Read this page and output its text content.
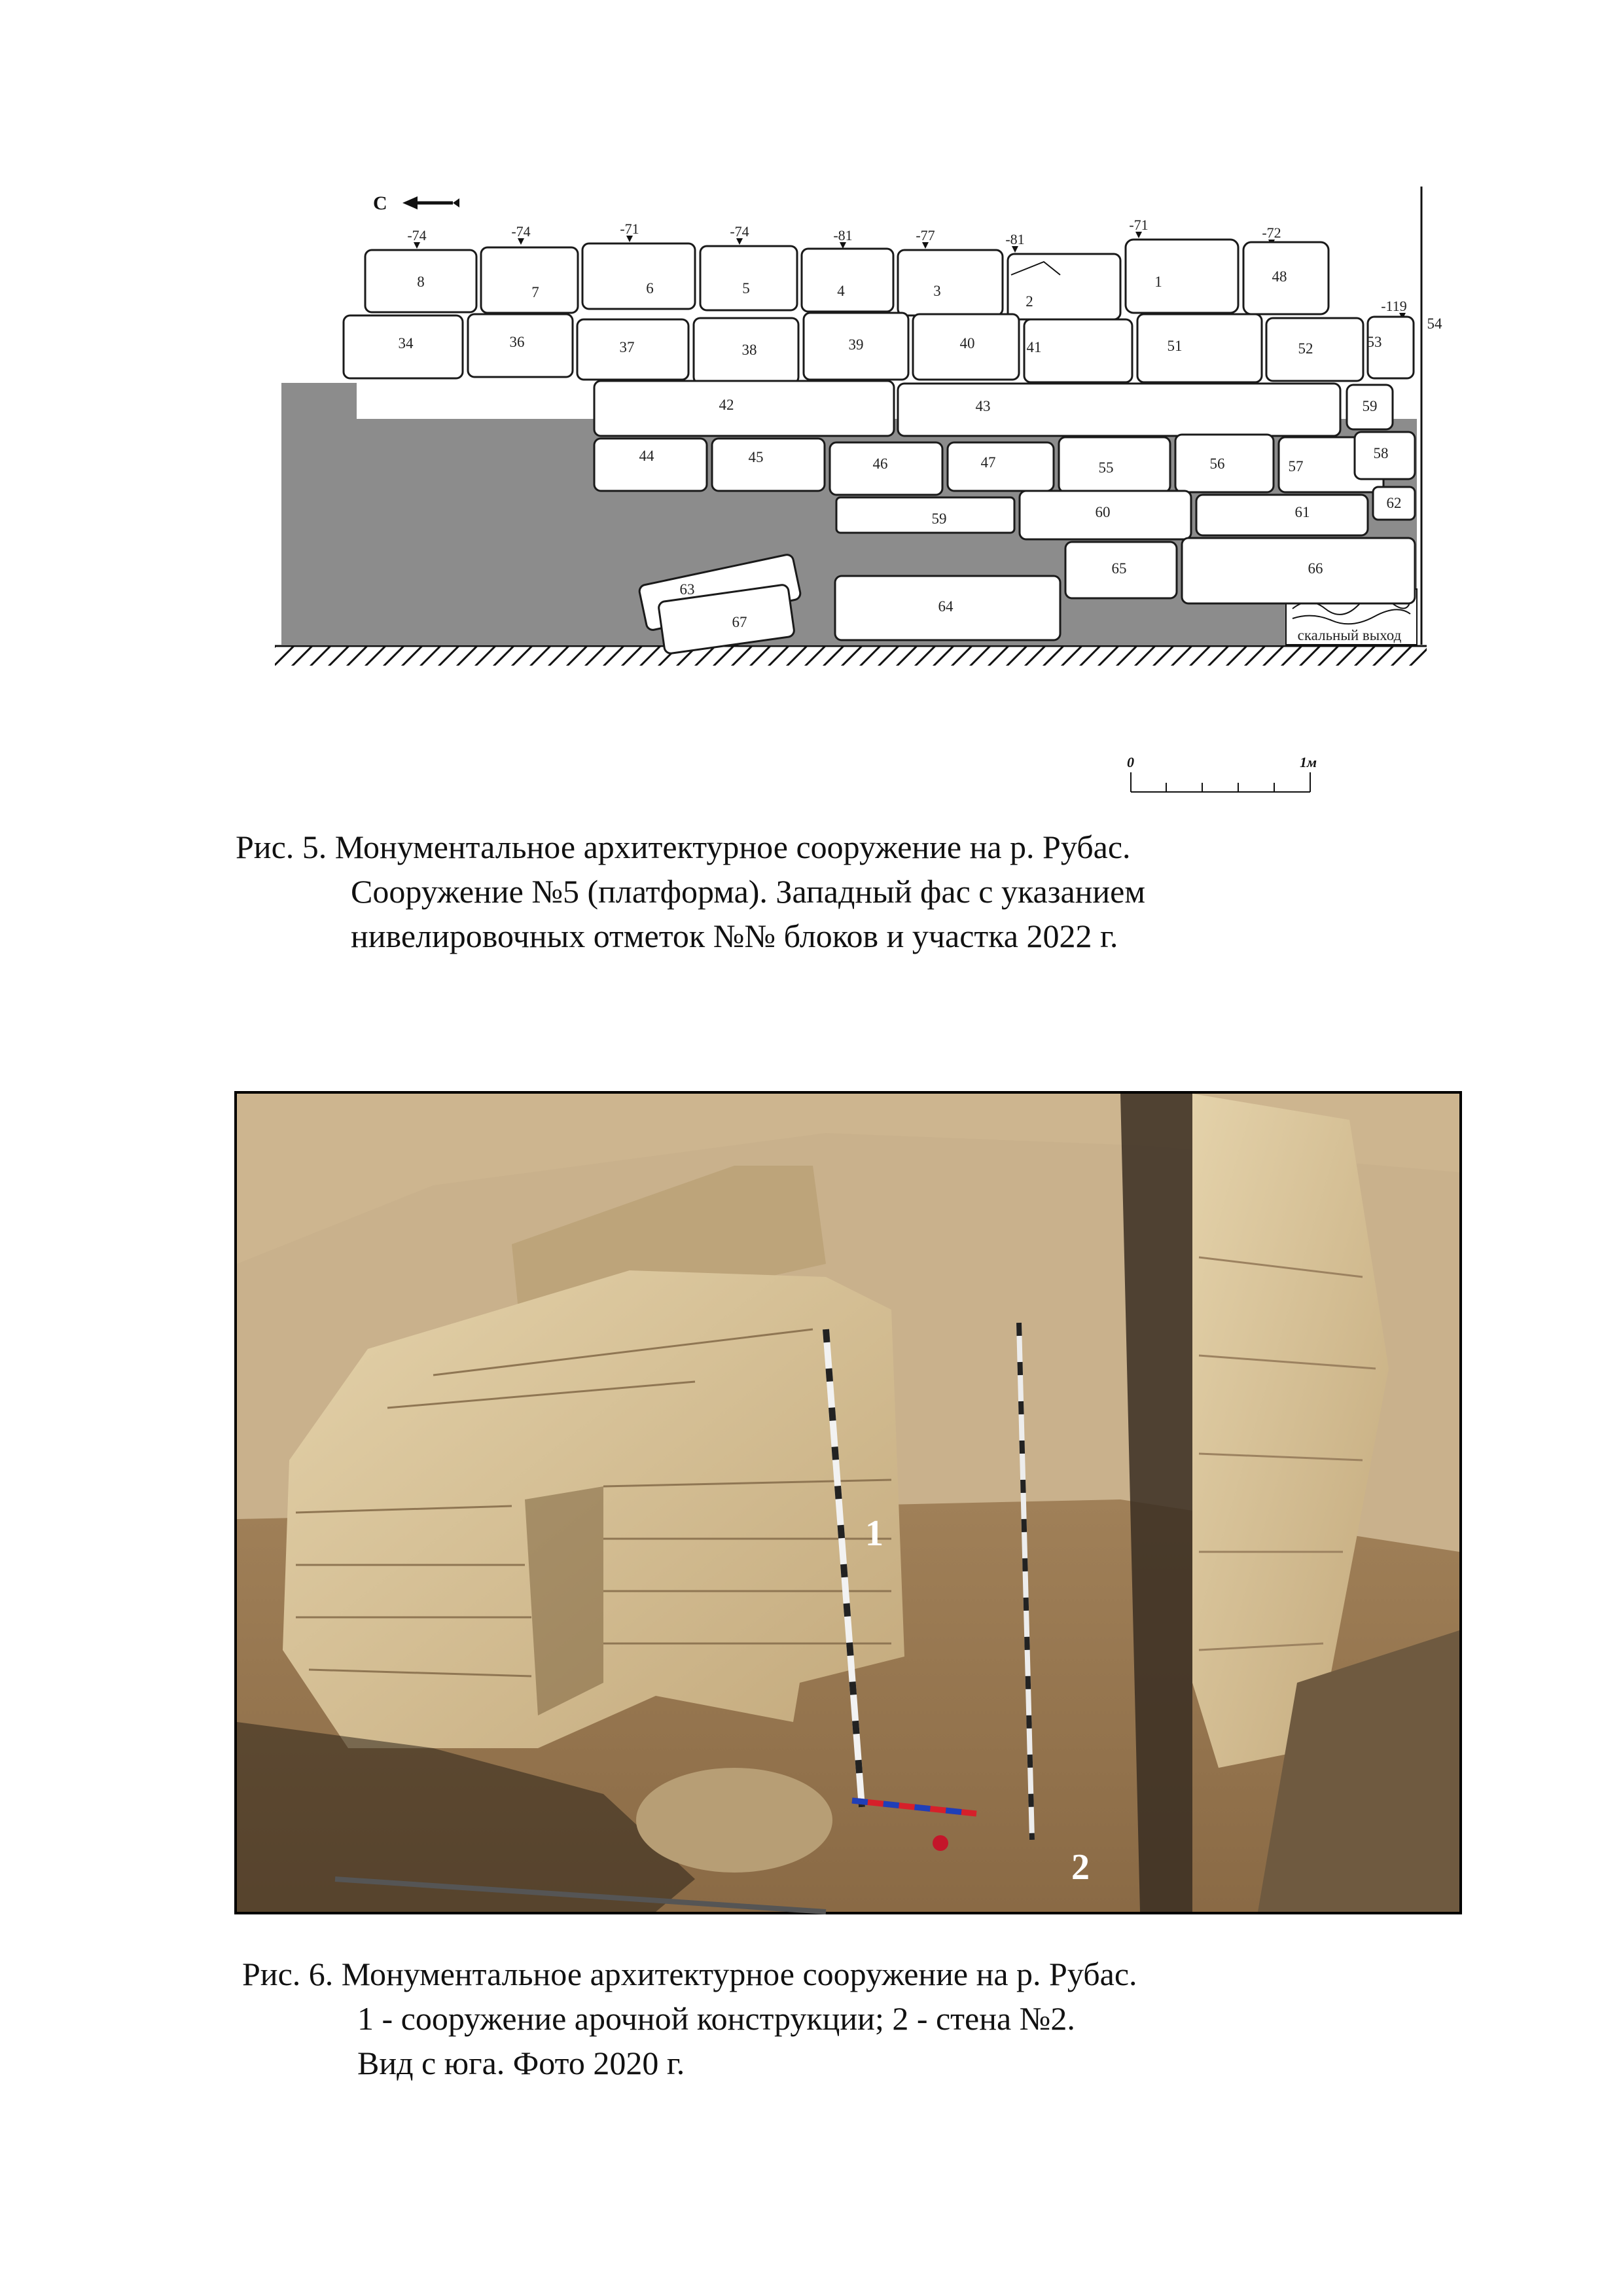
С
скальный выход
-74	-74	-71	-74	-81	-77	-81
-71	-72
-119
8
7	6	5	4	3
2
1	48
34	36	37	38	39	40	41	51	52	53
54
42	43	59
44	45	46	47	55	56	57
58
59	60	61
62
65	66
63
67
64
0	1м
Рис. 5. Монументальное архитектурное сооружение на р. Рубас.
Сооружение №5 (платформа). Западный фас с указанием
нивелировочных отметок №№ блоков и участка 2022 г.
1
2
Рис. 6. Монументальное архитектурное сооружение на р. Рубас.
1 - сооружение арочной конструкции; 2 - стена №2.
Вид с юга. Фото 2020 г.
